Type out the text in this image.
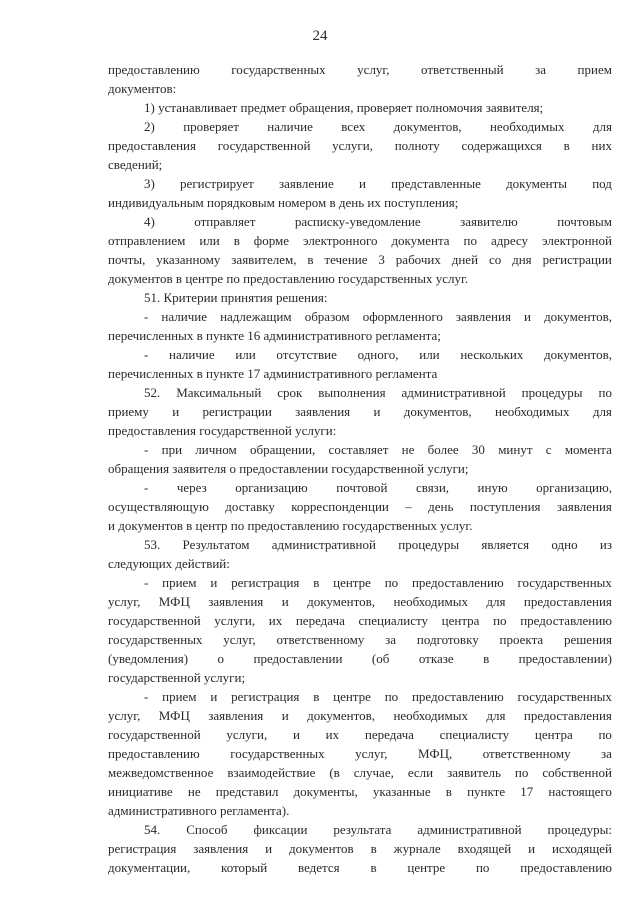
24
предоставлению государственных услуг, ответственный за прием
документов:
1) устанавливает предмет обращения, проверяет полномочия заявителя;
2) проверяет наличие всех документов, необходимых для
предоставления государственной услуги, полноту содержащихся в них
сведений;
3) регистрирует заявление и представленные документы под
индивидуальным порядковым номером в день их поступления;
4)	отправляет	расписку-уведомление	заявителю	почтовым
отправлением или в форме электронного документа по адресу электронной
почты, указанному заявителем, в течение 3 рабочих дней со дня регистрации
документов в центре по предоставлению государственных услуг.
51. Критерии принятия решения:
- наличие надлежащим образом оформленного заявления и документов,
перечисленных в пункте 16 административного регламента;
- наличие или отсутствие одного, или нескольких документов,
перечисленных в пункте 17 административного регламента
52. Максимальный срок выполнения административной процедуры по
приему и регистрации заявления и документов, необходимых для
предоставления государственной услуги:
- при личном обращении, составляет не более 30 минут с момента
обращения заявителя о предоставлении государственной услуги;
- через организацию почтовой связи, иную организацию,
осуществляющую доставку корреспонденции – день поступления заявления
и документов в центр по предоставлению государственных услуг.
53. Результатом административной процедуры является одно из
следующих действий:
- прием и регистрация в центре по предоставлению государственных
услуг, МФЦ заявления и документов, необходимых для предоставления
государственной услуги, их передача специалисту центра по предоставлению
государственных услуг, ответственному за подготовку проекта решения
(уведомления) о предоставлении (об отказе в предоставлении)
государственной услуги;
- прием и регистрация в центре по предоставлению государственных
услуг, МФЦ заявления и документов, необходимых для предоставления
государственной услуги, и их передача специалисту центра по
предоставлению государственных услуг, МФЦ, ответственному за
межведомственное взаимодействие (в случае, если заявитель по собственной
инициативе не представил документы, указанные в пункте 17 настоящего
административного регламента).
54. Способ фиксации результата административной процедуры:
регистрация заявления и документов в журнале входящей и исходящей
документации, который ведется в центре по предоставлению
